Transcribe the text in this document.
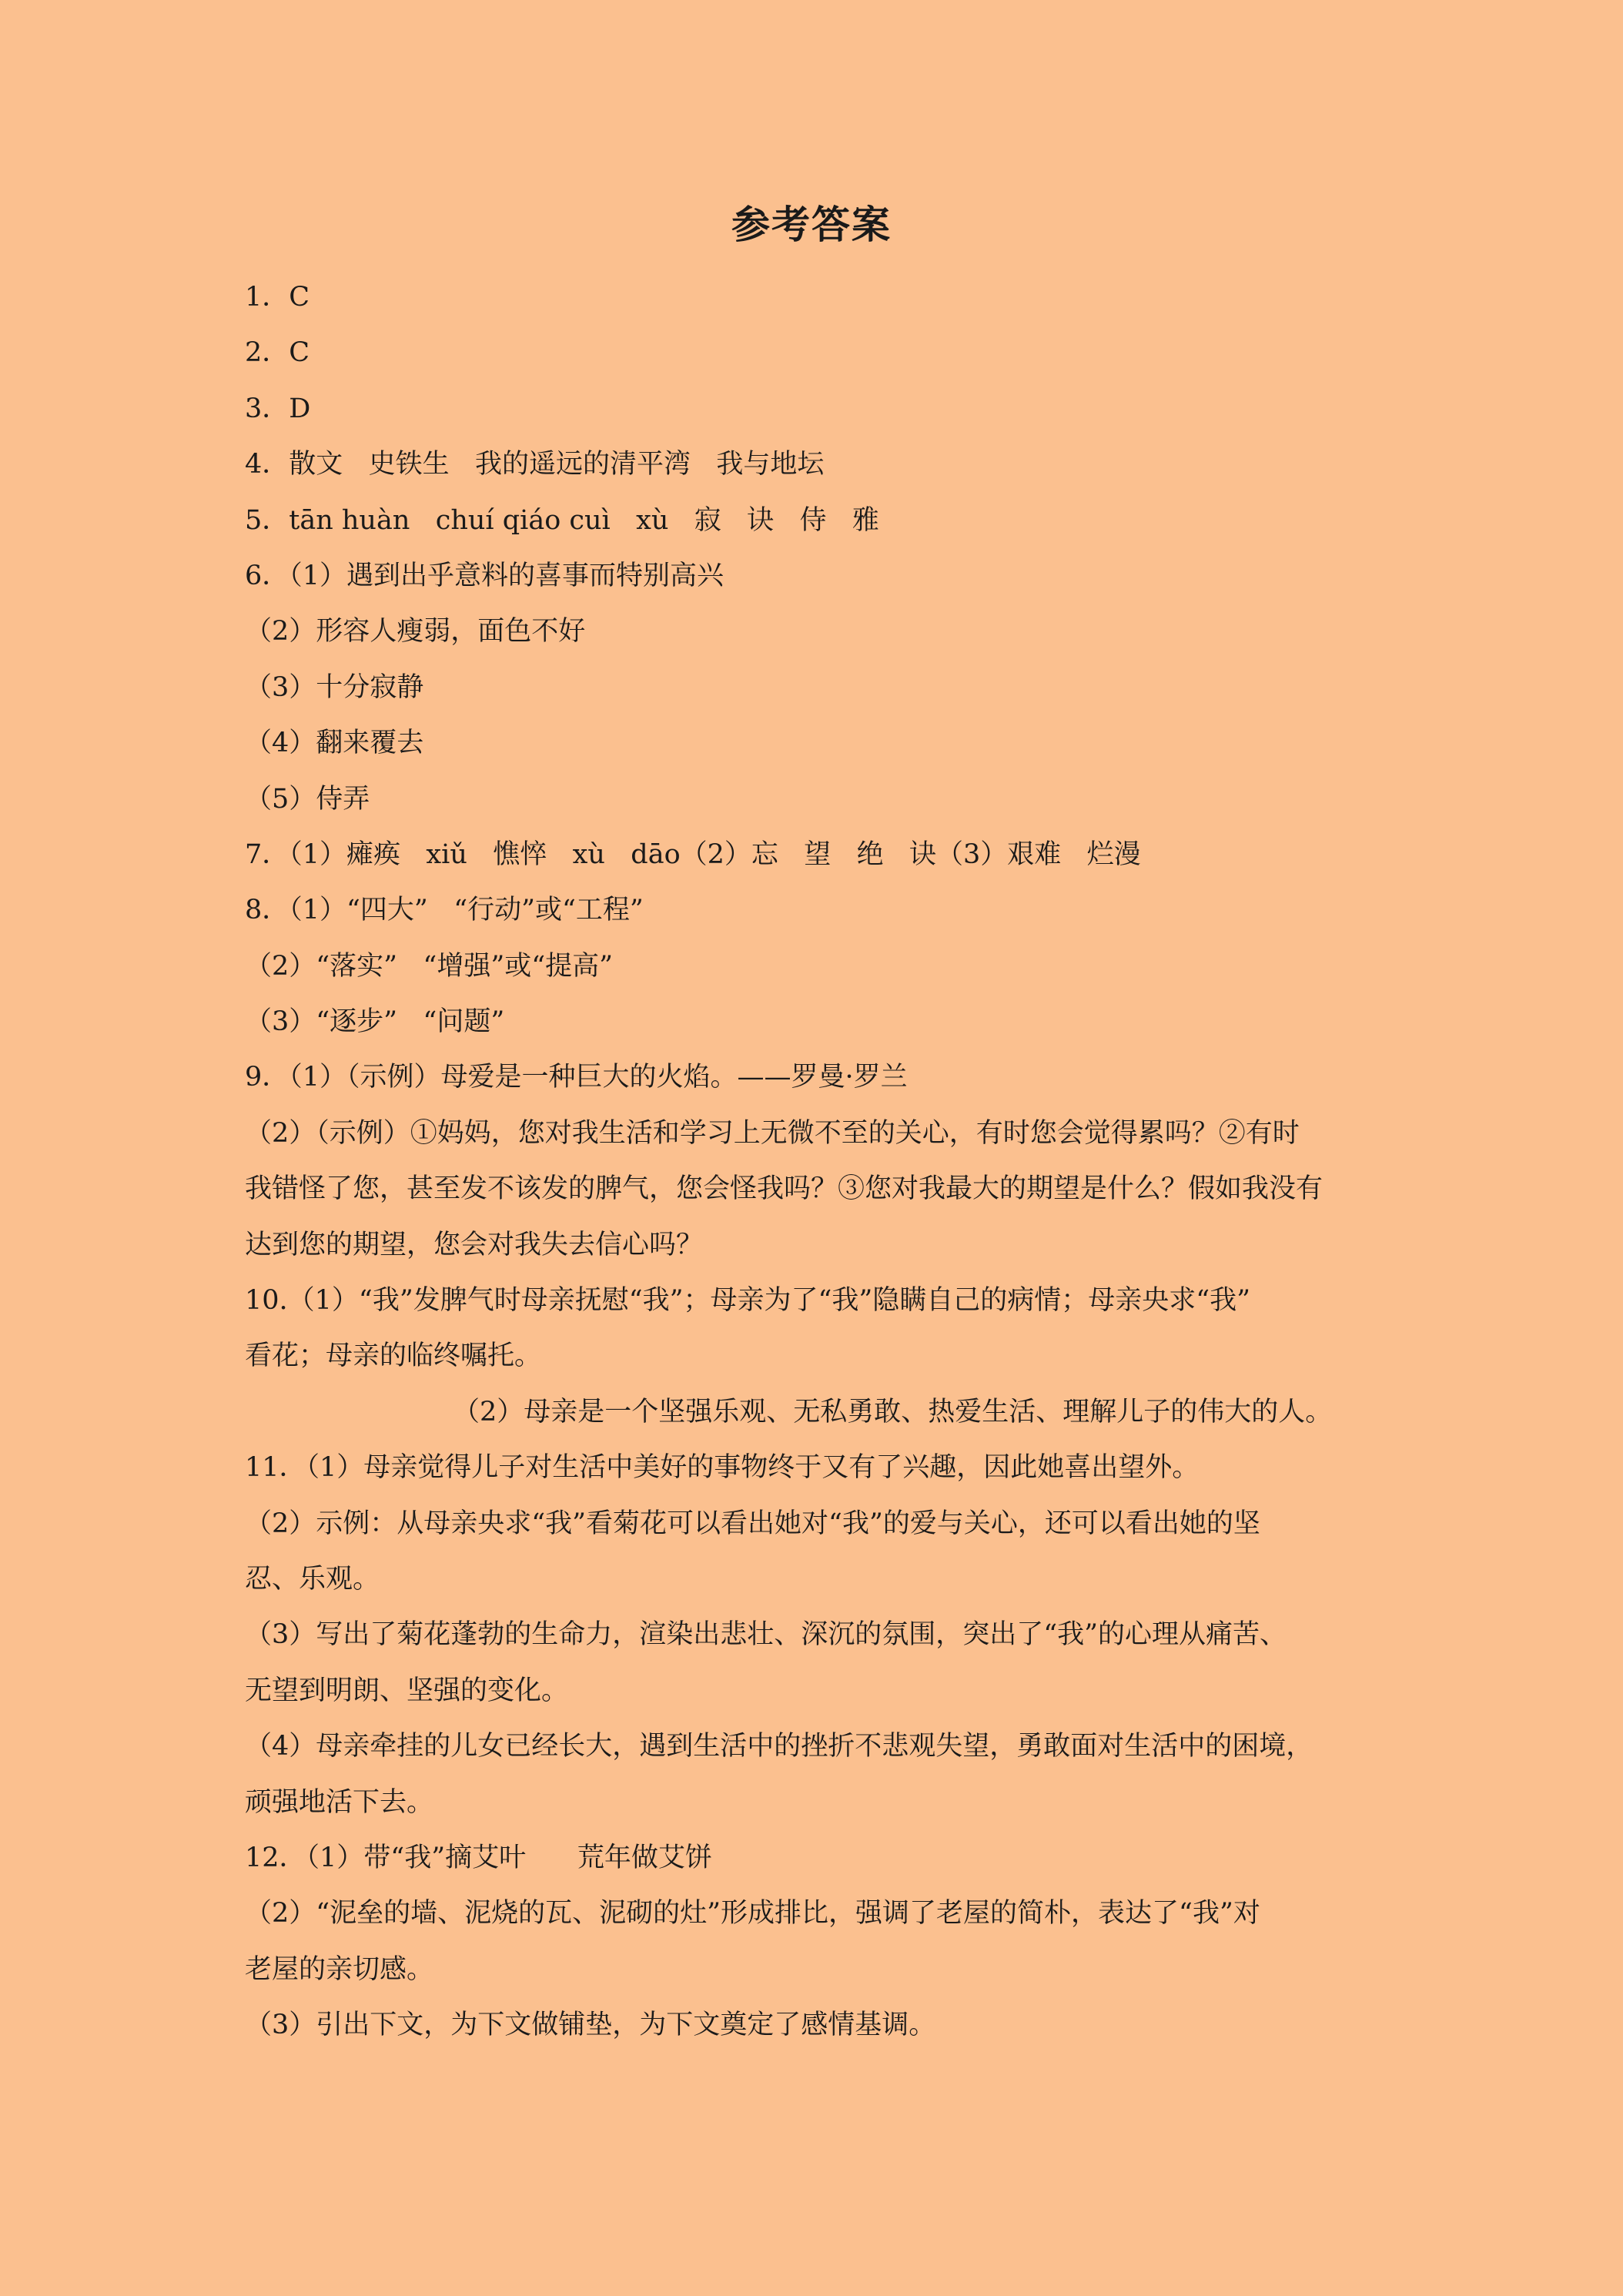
参考答案
1．C
2．C
3．D
4．散文   史铁生   我的遥远的清平湾   我与地坛
5．tān huàn   chuí qiáo cuì   xù   寂   诀   侍   雅
6．（1）遇到出乎意料的喜事而特别高兴
（2）形容人瘦弱，面色不好
（3）十分寂静
（4）翻来覆去
（5）侍弄
7．（1）瘫痪   xiǔ   憔悴   xù   dāo（2）忘   望   绝   诀（3）艰难   烂漫
8．（1）“四大”   “行动”或“工程”
（2）“落实”   “增强”或“提高”
（3）“逐步”   “问题”
9．（1）（示例）母爱是一种巨大的火焰。——罗曼·罗兰
（2）（示例）①妈妈，您对我生活和学习上无微不至的关心，有时您会觉得累吗？②有时
我错怪了您，甚至发不该发的脾气，您会怪我吗？③您对我最大的期望是什么？假如我没有
达到您的期望，您会对我失去信心吗？
10.（1）“我”发脾气时母亲抚慰“我”；母亲为了“我”隐瞒自己的病情；母亲央求“我”
看花；母亲的临终嘱托。
（2）母亲是一个坚强乐观、无私勇敢、热爱生活、理解儿子的伟大的人。
11．（1）母亲觉得儿子对生活中美好的事物终于又有了兴趣，因此她喜出望外。
（2）示例：从母亲央求“我”看菊花可以看出她对“我”的爱与关心，还可以看出她的坚
忍、乐观。
（3）写出了菊花蓬勃的生命力，渲染出悲壮、深沉的氛围，突出了“我”的心理从痛苦、
无望到明朗、坚强的变化。
（4）母亲牵挂的儿女已经长大，遇到生活中的挫折不悲观失望，勇敢面对生活中的困境，
顽强地活下去。
12．（1）带“我”摘艾叶      荒年做艾饼
（2）“泥垒的墙、泥烧的瓦、泥砌的灶”形成排比，强调了老屋的简朴，表达了“我”对
老屋的亲切感。
（3）引出下文，为下文做铺垫，为下文奠定了感情基调。
